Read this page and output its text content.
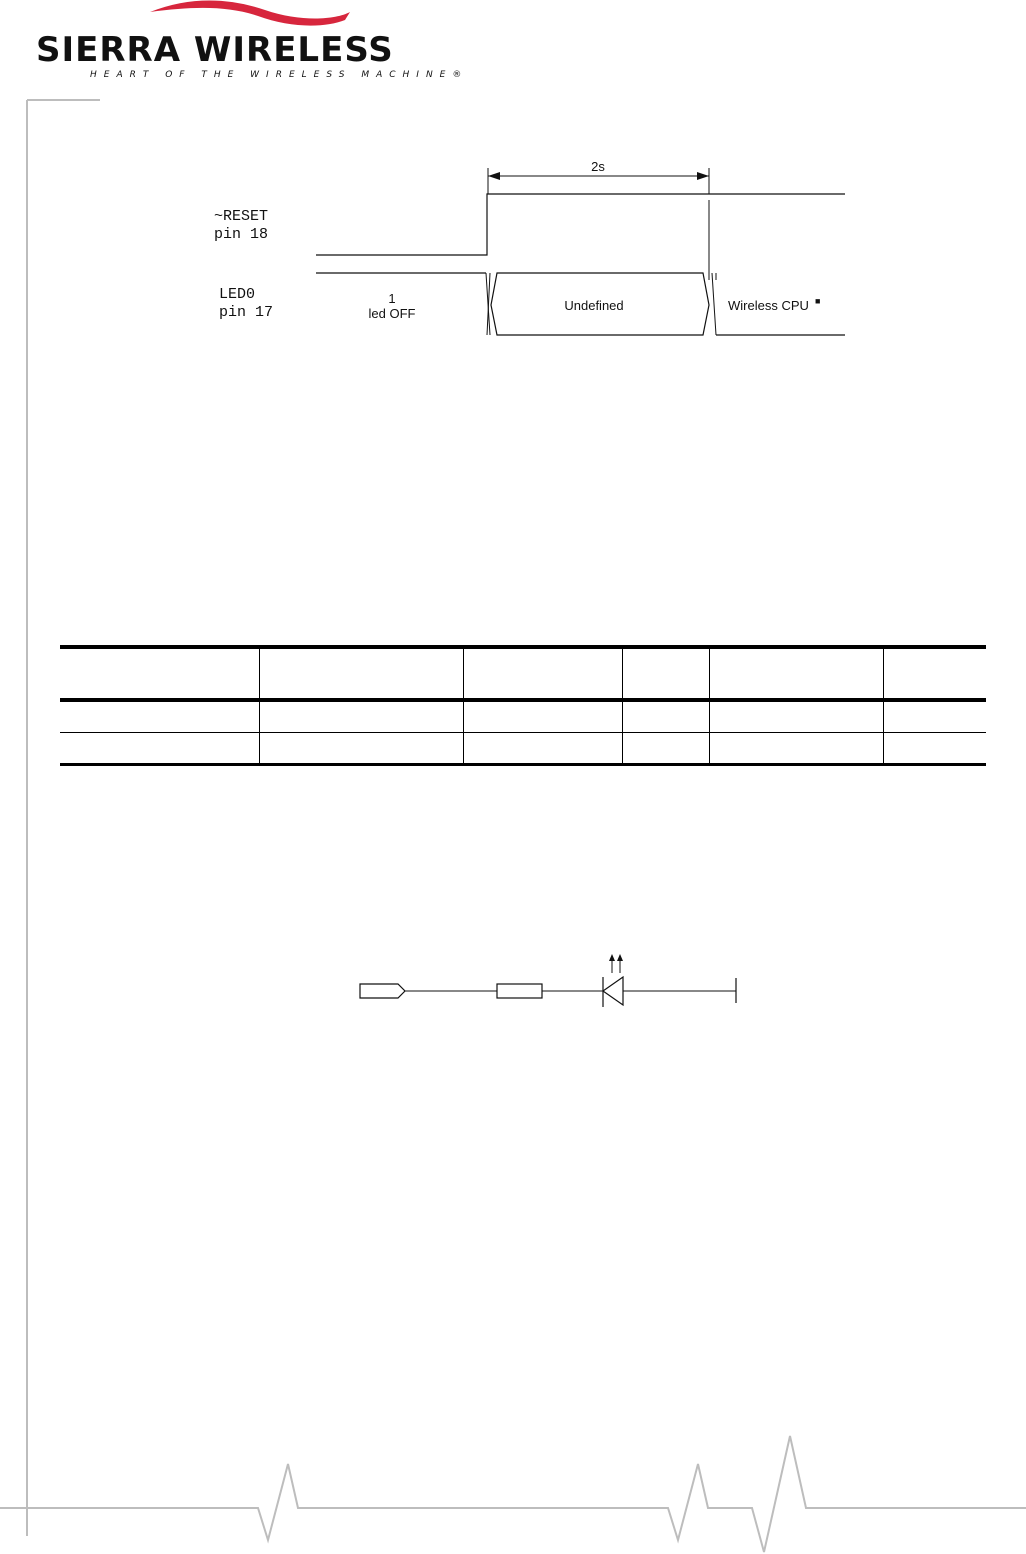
SIERRA WIRELESS
HEART OF THE WIRELESS MACHINE®
~RESET
pin 18
LED0
pin 17
2s
1
led OFF
Undefined	Wireless CPU ■
